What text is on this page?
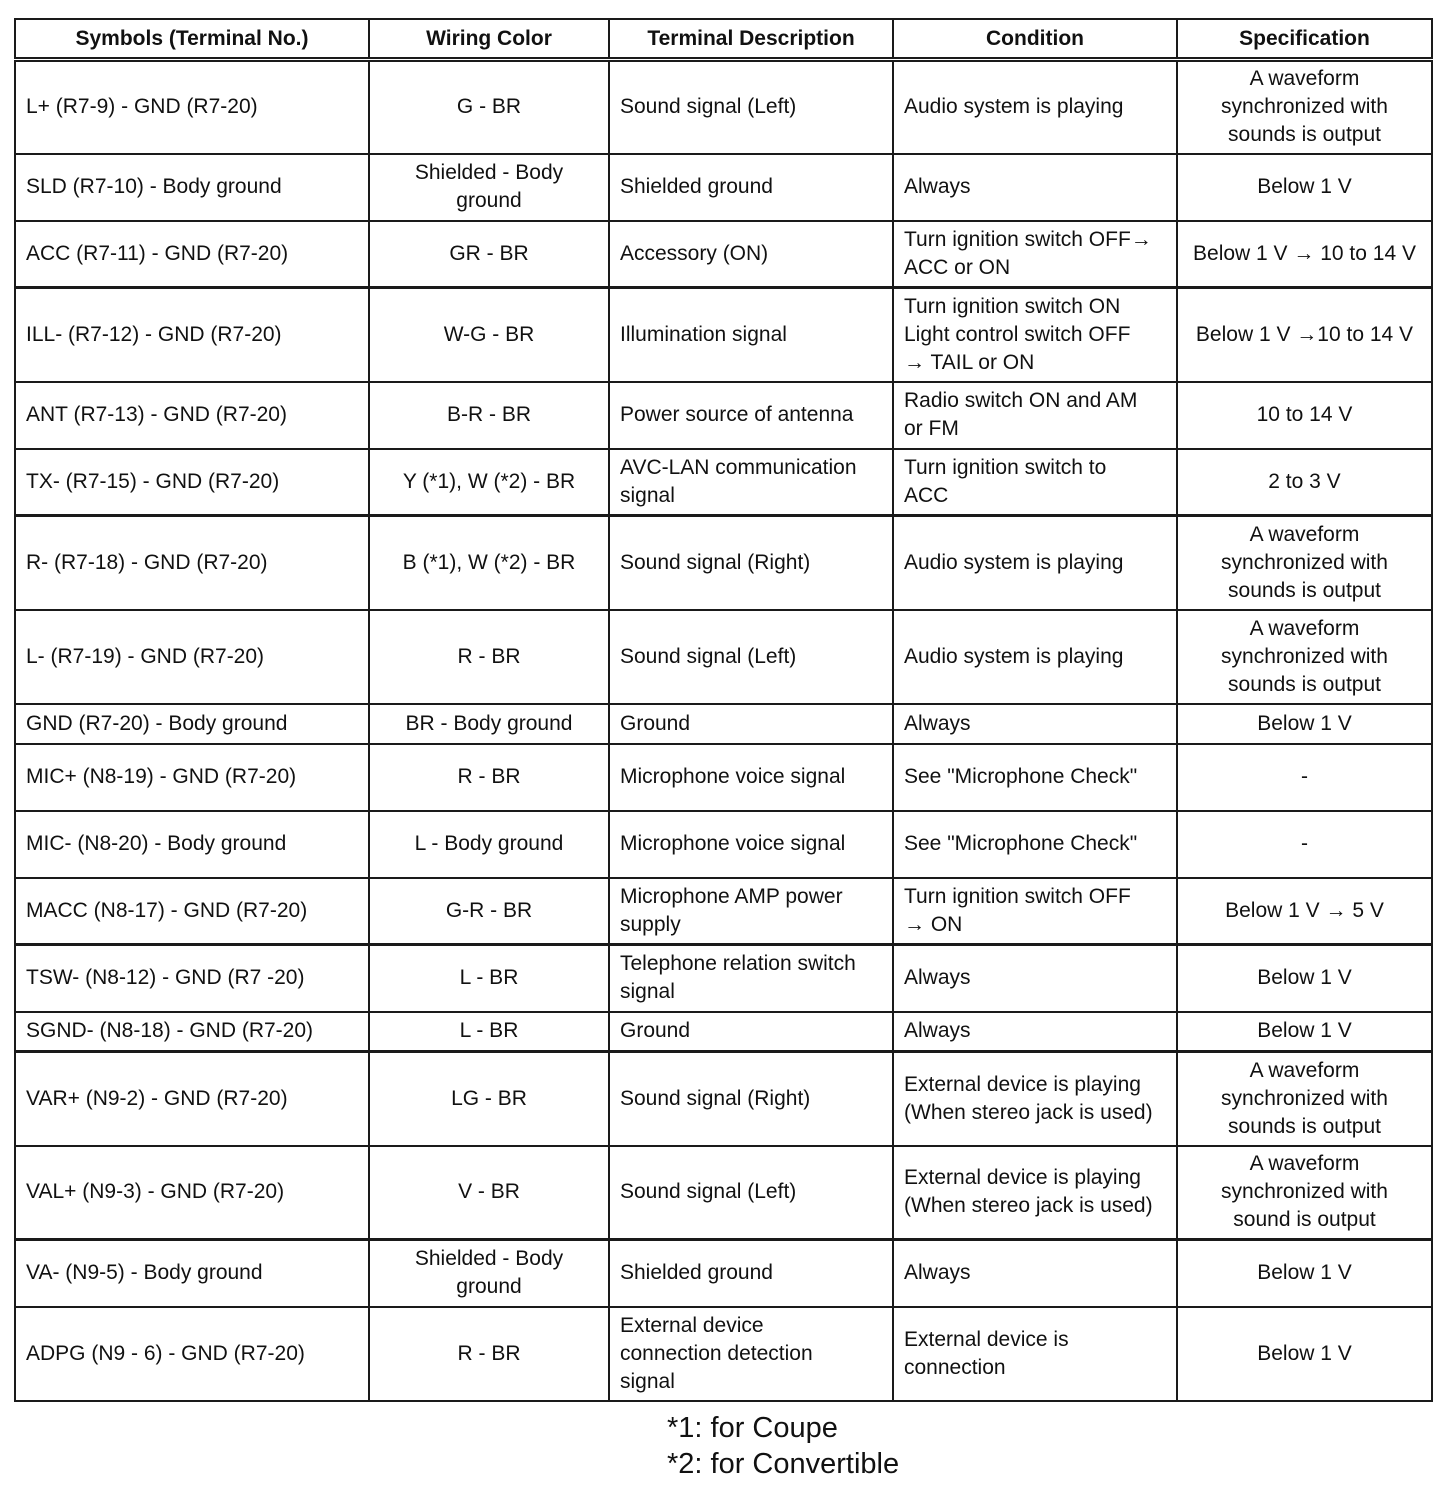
Symbols (Terminal No.)	Wiring Color	Terminal Description	Condition	Specification
L+ (R7-9) - GND (R7-20)	G - BR	Sound signal (Left)	Audio system is playing	A waveform
synchronized with
sounds is output
SLD (R7-10) - Body ground	Shielded - Body
ground	Shielded ground	Always	Below 1 V
ACC (R7-11) - GND (R7-20)	GR - BR	Accessory (ON)	Turn ignition switch OFF→
ACC or ON	Below 1 V → 10 to 14 V
ILL- (R7-12) - GND (R7-20)	W-G - BR	Illumination signal	Turn ignition switch ON
Light control switch OFF
→ TAIL or ON	Below 1 V →10 to 14 V
ANT (R7-13) - GND (R7-20)	B-R - BR	Power source of antenna	Radio switch ON and AM
or FM	10 to 14 V
TX- (R7-15) - GND (R7-20)	Y (*1), W (*2) - BR	AVC-LAN communication
signal	Turn ignition switch to
ACC	2 to 3 V
R- (R7-18) - GND (R7-20)	B (*1), W (*2) - BR	Sound signal (Right)	Audio system is playing	A waveform
synchronized with
sounds is output
L- (R7-19) - GND (R7-20)	R - BR	Sound signal (Left)	Audio system is playing	A waveform
synchronized with
sounds is output
GND (R7-20) - Body ground	BR - Body ground	Ground	Always	Below 1 V
MIC+ (N8-19) - GND (R7-20)	R - BR	Microphone voice signal	See "Microphone Check"	-
MIC- (N8-20) - Body ground	L - Body ground	Microphone voice signal	See "Microphone Check"	-
MACC (N8-17) - GND (R7-20)	G-R - BR	Microphone AMP power
supply	Turn ignition switch OFF
→ ON	Below 1 V → 5 V
TSW- (N8-12) - GND (R7 -20)	L - BR	Telephone relation switch
signal	Always	Below 1 V
SGND- (N8-18) - GND (R7-20)	L - BR	Ground	Always	Below 1 V
VAR+ (N9-2) - GND (R7-20)	LG - BR	Sound signal (Right)	External device is playing
(When stereo jack is used)	A waveform
synchronized with
sounds is output
VAL+ (N9-3) - GND (R7-20)	V - BR	Sound signal (Left)	External device is playing
(When stereo jack is used)	A waveform
synchronized with
sound is output
VA- (N9-5) - Body ground	Shielded - Body
ground	Shielded ground	Always	Below 1 V
ADPG (N9 - 6) - GND (R7-20)	R - BR	External device
connection detection
signal	External device is
connection	Below 1 V
*1: for Coupe
*2: for Convertible
